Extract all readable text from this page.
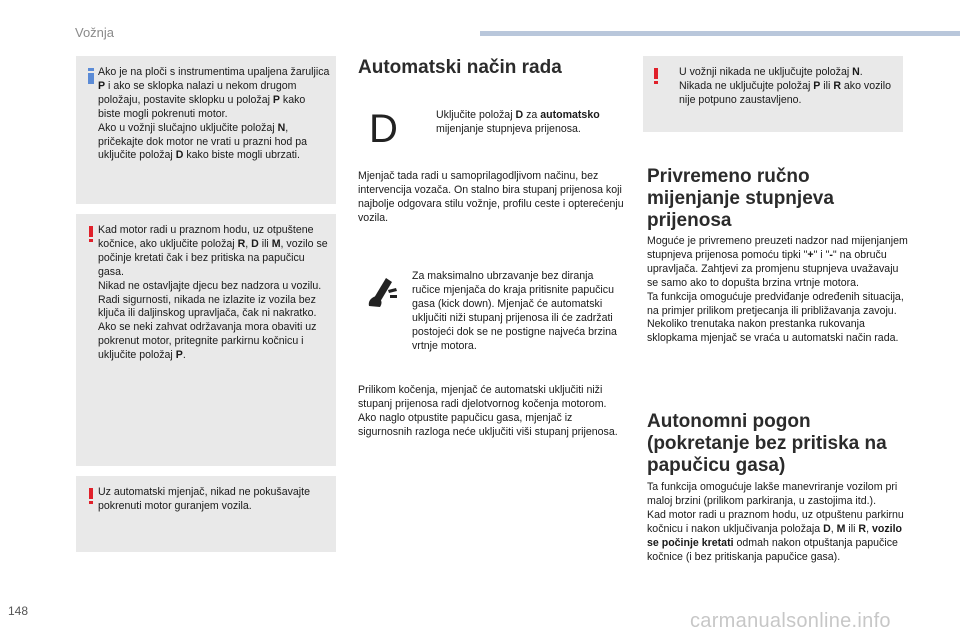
Vožnja
Ako je na ploči s instrumentima upaljena žaruljica P i ako se sklopka nalazi u nekom drugom položaju, postavite sklopku u položaj P kako biste mogli pokrenuti motor.
Ako u vožnji slučajno uključite položaj N, pričekajte dok motor ne vrati u prazni hod pa uključite položaj D kako biste mogli ubrzati.
Kad motor radi u praznom hodu, uz otpuštene kočnice, ako uključite položaj R, D ili M, vozilo se počinje kretati čak i bez pritiska na papučicu gasa.
Nikad ne ostavljajte djecu bez nadzora u vozilu.
Radi sigurnosti, nikada ne izlazite iz vozila bez ključa ili daljinskog upravljača, čak ni nakratko.
Ako se neki zahvat održavanja mora obaviti uz pokrenut motor, pritegnite parkirnu kočnicu i uključite položaj P.
Uz automatski mjenjač, nikad ne pokušavajte pokrenuti motor guranjem vozila.
Automatski način rada
D	Uključite položaj D za automatsko mijenjanje stupnjeva prijenosa.
Mjenjač tada radi u samoprilagodljivom načinu, bez intervencija vozača. On stalno bira stupanj prijenosa koji najbolje odgovara stilu vožnje, profilu ceste i opterećenju vozila.
Za maksimalno ubrzavanje bez diranja ručice mjenjača do kraja pritisnite papučicu gasa (kick down). Mjenjač će automatski uključiti niži stupanj prijenosa ili će zadržati postojeći dok se ne postigne najveća brzina vrtnje motora.
Prilikom kočenja, mjenjač će automatski uključiti niži stupanj prijenosa radi djelotvornog kočenja motorom.
Ako naglo otpustite papučicu gasa, mjenjač iz sigurnosnih razloga neće uključiti viši stupanj prijenosa.
U vožnji nikada ne uključujte položaj N. Nikada ne uključujte položaj P ili R ako vozilo nije potpuno zaustavljeno.
Privremeno ručno mijenjanje stupnjeva prijenosa
Moguće je privremeno preuzeti nadzor nad mijenjanjem stupnjeva prijenosa pomoću tipki "+" i "-" na obruču upravljača. Zahtjevi za promjenu stupnjeva uvažavaju se samo ako to dopušta brzina vrtnje motora.
Ta funkcija omogućuje predviđanje određenih situacija, na primjer prilikom pretjecanja ili približavanja zavoju.
Nekoliko trenutaka nakon prestanka rukovanja sklopkama mjenjač se vraća u automatski način rada.
Autonomni pogon (pokretanje bez pritiska na papučicu gasa)
Ta funkcija omogućuje lakše manevriranje vozilom pri maloj brzini (prilikom parkiranja, u zastojima itd.).
Kad motor radi u praznom hodu, uz otpuštenu parkirnu kočnicu i nakon uključivanja položaja D, M ili R, vozilo se počinje kretati odmah nakon otpuštanja papučice kočnice (i bez pritiskanja papučice gasa).
148	carmanualsonline.info
